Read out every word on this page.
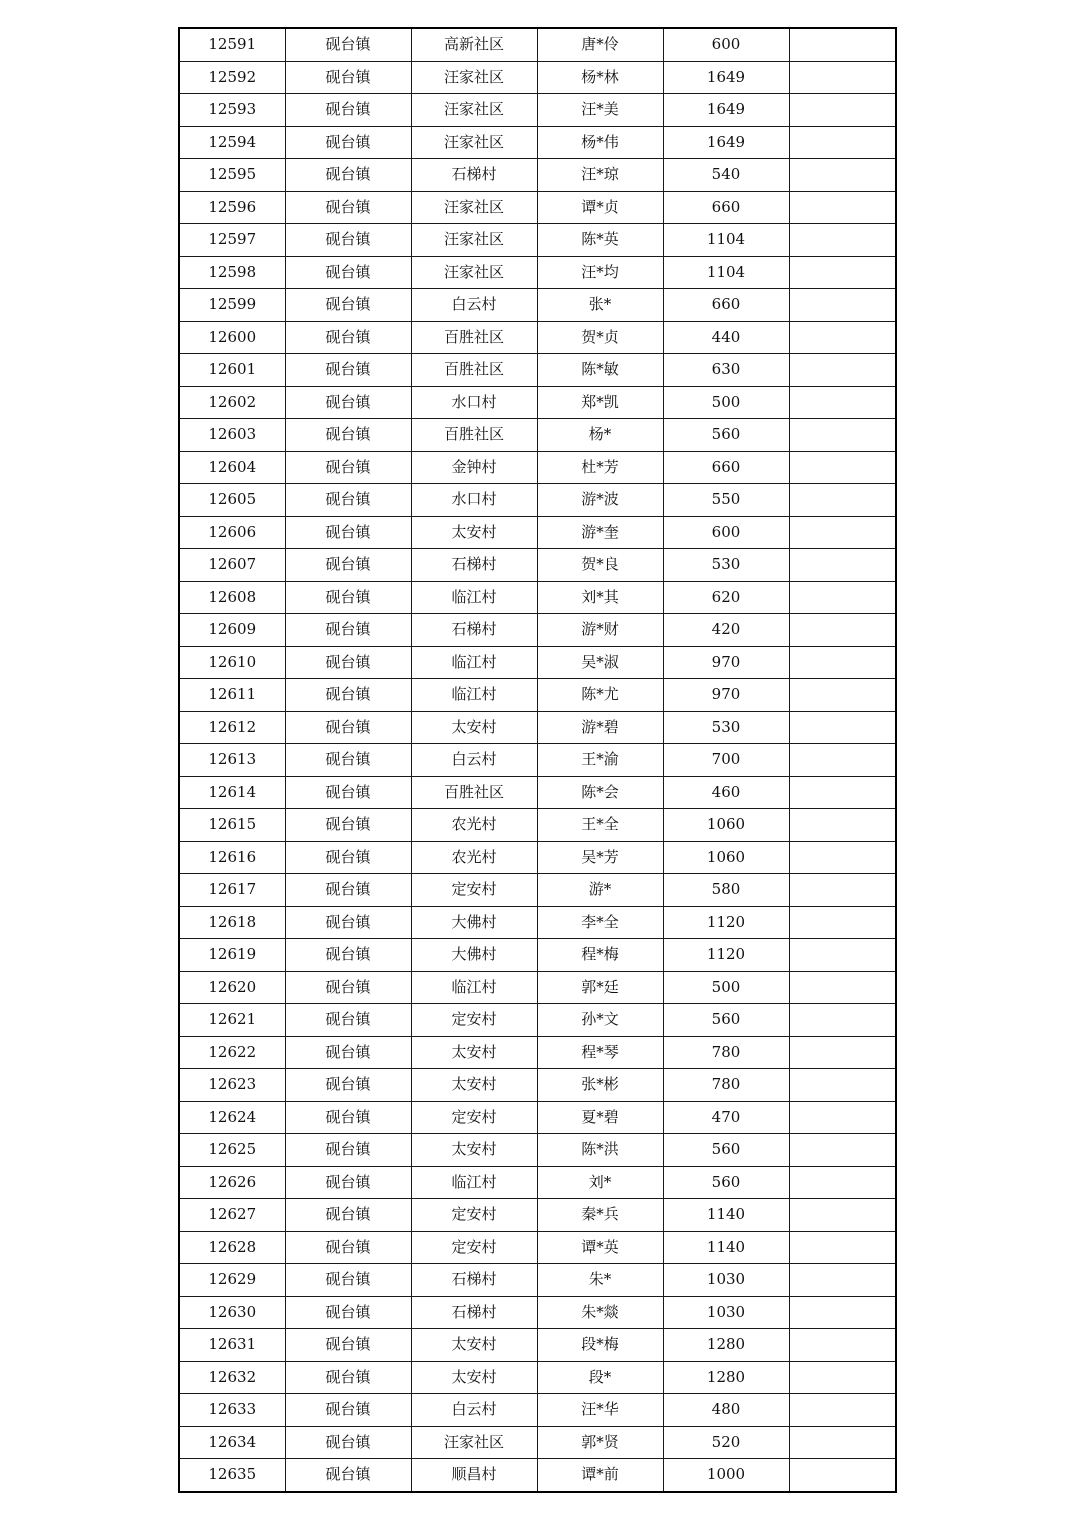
12591	砚台镇	高新社区	唐*伶	600	
12592	砚台镇	汪家社区	杨*林	1649	
12593	砚台镇	汪家社区	汪*美	1649	
12594	砚台镇	汪家社区	杨*伟	1649	
12595	砚台镇	石梯村	汪*琼	540	
12596	砚台镇	汪家社区	谭*贞	660	
12597	砚台镇	汪家社区	陈*英	1104	
12598	砚台镇	汪家社区	汪*均	1104	
12599	砚台镇	白云村	张*	660	
12600	砚台镇	百胜社区	贺*贞	440	
12601	砚台镇	百胜社区	陈*敏	630	
12602	砚台镇	水口村	郑*凯	500	
12603	砚台镇	百胜社区	杨*	560	
12604	砚台镇	金钟村	杜*芳	660	
12605	砚台镇	水口村	游*波	550	
12606	砚台镇	太安村	游*奎	600	
12607	砚台镇	石梯村	贺*良	530	
12608	砚台镇	临江村	刘*其	620	
12609	砚台镇	石梯村	游*财	420	
12610	砚台镇	临江村	吴*淑	970	
12611	砚台镇	临江村	陈*尤	970	
12612	砚台镇	太安村	游*碧	530	
12613	砚台镇	白云村	王*渝	700	
12614	砚台镇	百胜社区	陈*会	460	
12615	砚台镇	农光村	王*全	1060	
12616	砚台镇	农光村	吴*芳	1060	
12617	砚台镇	定安村	游*	580	
12618	砚台镇	大佛村	李*全	1120	
12619	砚台镇	大佛村	程*梅	1120	
12620	砚台镇	临江村	郭*廷	500	
12621	砚台镇	定安村	孙*文	560	
12622	砚台镇	太安村	程*琴	780	
12623	砚台镇	太安村	张*彬	780	
12624	砚台镇	定安村	夏*碧	470	
12625	砚台镇	太安村	陈*洪	560	
12626	砚台镇	临江村	刘*	560	
12627	砚台镇	定安村	秦*兵	1140	
12628	砚台镇	定安村	谭*英	1140	
12629	砚台镇	石梯村	朱*	1030	
12630	砚台镇	石梯村	朱*燚	1030	
12631	砚台镇	太安村	段*梅	1280	
12632	砚台镇	太安村	段*	1280	
12633	砚台镇	白云村	汪*华	480	
12634	砚台镇	汪家社区	郭*贤	520	
12635	砚台镇	顺昌村	谭*前	1000	
